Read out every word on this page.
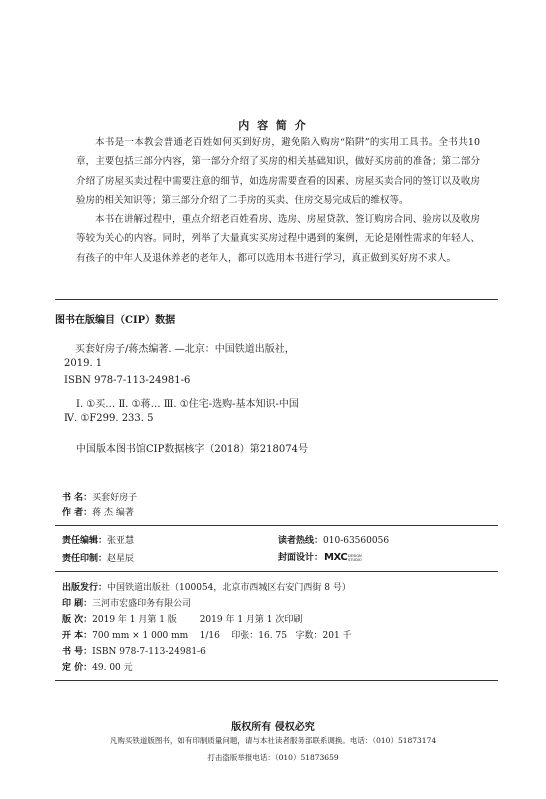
内 容 简 介

本书是一本教会普通老百姓如何买到好房，避免陷入购房“陷阱”的实用工具书。全书共10章，主要包括三部分内容，第一部分介绍了买房的相关基础知识，做好买房前的准备；第二部分介绍了房屋买卖过程中需要注意的细节，如选房需要查看的因素、房屋买卖合同的签订以及收房验房的相关知识等；第三部分介绍了二手房的买卖、住房交易完成后的维权等。

本书在讲解过程中，重点介绍老百姓看房、选房、房屋贷款、签订购房合同、验房以及收房等较为关心的内容。同时，列举了大量真实买房过程中遇到的案例，无论是刚性需求的年轻人、有孩子的中年人及退休养老的老年人，都可以选用本书进行学习，真正做到买好房不求人。

图书在版编目（CIP）数据
买套好房子/蒋杰编著. —北京：中国铁道出版社，
2019. 1
ISBN 978-7-113-24981-6
Ⅰ. ①买… Ⅱ. ①蒋… Ⅲ. ①住宅-选购-基本知识-中国
Ⅳ. ①F299. 233. 5
中国版本图书馆CIP数据核字（2018）第218074号
书 名：买套好房子
作 者：蒋 杰 编著
责任编辑：张亚慧	读者热线：010-63560056
责任印制：赵星辰	封面设计： MXC DESIGN
STUDIO
出版发行：中国铁道出版社（100054，北京市西城区右安门西街 8 号）
印 刷：三河市宏盛印务有限公司
版 次：2019 年 1 月第 1 版        2019 年 1 月第 1 次印刷
开 本：700 mm × 1 000 mm    1/16    印张：16. 75   字数：201 千
书 号：ISBN 978-7-113-24981-6
定 价：49. 00 元
版权所有 侵权必究
凡购买铁道版图书，如有印制质量问题，请与本社读者服务部联系调换。电话：（010）51873174
打击盗版举报电话：（010）51873659
